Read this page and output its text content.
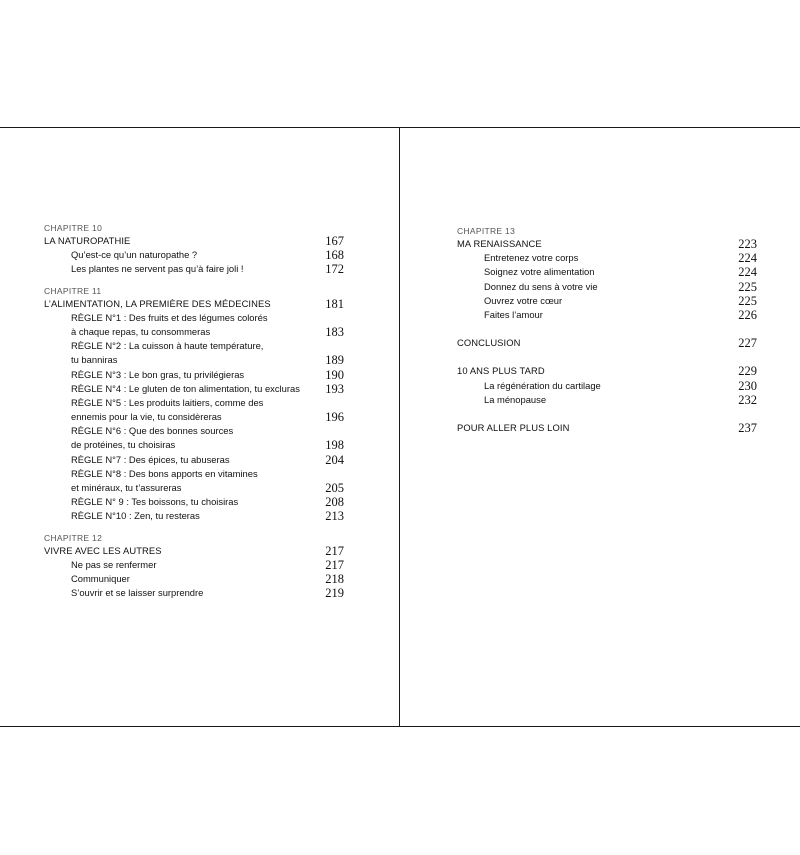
CHAPITRE 10
LA NATUROPATHIE	167
Qu’est-ce qu’un naturopathe ?	168
Les plantes ne servent pas qu’à faire joli !	172
CHAPITRE 11
L’ALIMENTATION, LA PREMIÈRE DES MÉDECINES	181
RÈGLE N°1 : Des fruits et des légumes colorés
à chaque repas, tu consommeras	183
RÈGLE N°2 : La cuisson à haute température,
tu banniras	189
RÈGLE N°3 : Le bon gras, tu privilégieras	190
RÈGLE N°4 : Le gluten de ton alimentation, tu excluras 193
RÈGLE N°5 : Les produits laitiers, comme des
ennemis pour la vie, tu considèreras	196
RÈGLE N°6 : Que des bonnes sources
de protéines, tu choisiras	198
RÈGLE N°7 : Des épices, tu abuseras	204
RÈGLE N°8 : Des bons apports en vitamines
et minéraux, tu t’assureras	205
RÈGLE N° 9 : Tes boissons, tu choisiras	208
RÈGLE N°10 : Zen, tu resteras	213
CHAPITRE 12
VIVRE AVEC LES AUTRES	217
Ne pas se renfermer	217
Communiquer	218
S’ouvrir et se laisser surprendre	219
CHAPITRE 13
MA RENAISSANCE	223
Entretenez votre corps	224
Soignez votre alimentation	224
Donnez du sens à votre vie	225
Ouvrez votre cœur	225
Faites l’amour	226
CONCLUSION	227
10 ANS PLUS TARD	229
La régénération du cartilage	230
La ménopause	232
POUR ALLER PLUS LOIN	237
